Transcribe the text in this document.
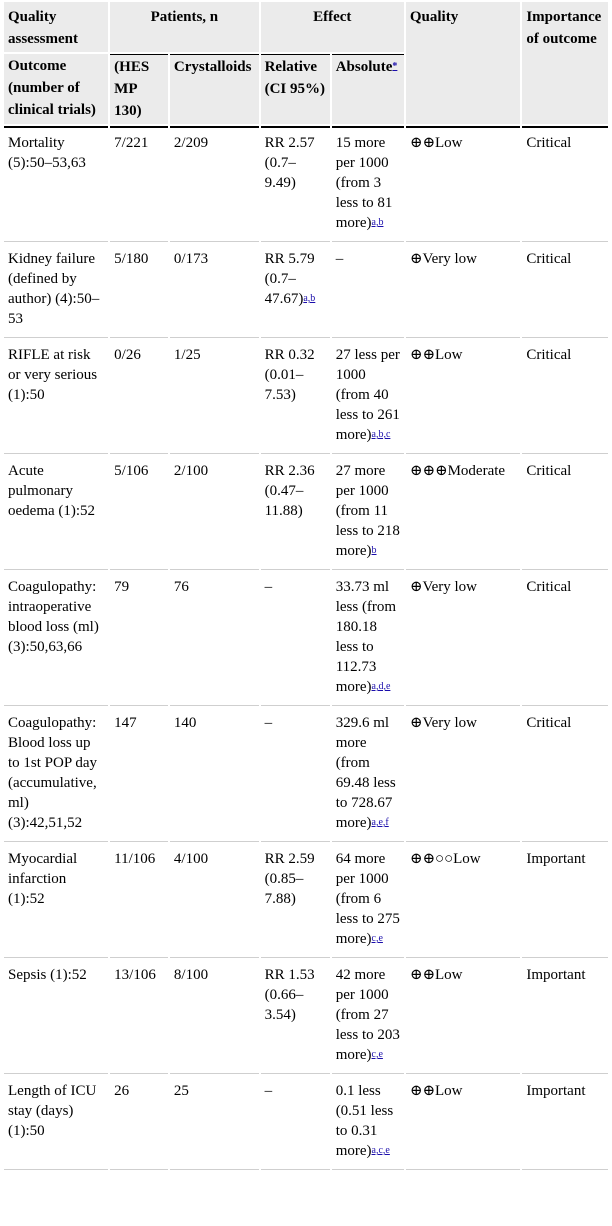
Quality assessment	Patients, n		Effect		Quality	Importance of outcome
Outcome (number of clinical trials)	(HES MP 130)	Crystalloids	Relative (CI 95%)	Absolute*		
Mortality (5):50–53,63	7/221	2/209	RR 2.57 (0.7–9.49)	15 more per 1000 (from 3 less to 81 more)a,b	⊕⊕Low	Critical
Kidney failure (defined by author) (4):50–53	5/180	0/173	RR 5.79 (0.7–47.67)a,b	–	⊕Very low	Critical
RIFLE at risk or very serious (1):50	0/26	1/25	RR 0.32 (0.01–7.53)	27 less per 1000 (from 40 less to 261 more)a,b,c	⊕⊕Low	Critical
Acute pulmonary oedema (1):52	5/106	2/100	RR 2.36 (0.47–11.88)	27 more per 1000 (from 11 less to 218 more)b	⊕⊕⊕Moderate	Critical
Coagulopathy: intraoperative blood loss (ml) (3):50,63,66	79	76	–	33.73 ml less (from 180.18 less to 112.73 more)a,d,e	⊕Very low	Critical
Coagulopathy: Blood loss up to 1st POP day (accumulative, ml) (3):42,51,52	147	140	–	329.6 ml more (from 69.48 less to 728.67 more)a,e,f	⊕Very low	Critical
Myocardial infarction (1):52	11/106	4/100	RR 2.59 (0.85–7.88)	64 more per 1000 (from 6 less to 275 more)c,e	⊕⊕○○Low	Important
Sepsis (1):52	13/106	8/100	RR 1.53 (0.66–3.54)	42 more per 1000 (from 27 less to 203 more)c,e	⊕⊕Low	Important
Length of ICU stay (days) (1):50	26	25	–	0.1 less (0.51 less to 0.31 more)a,c,e	⊕⊕Low	Important
